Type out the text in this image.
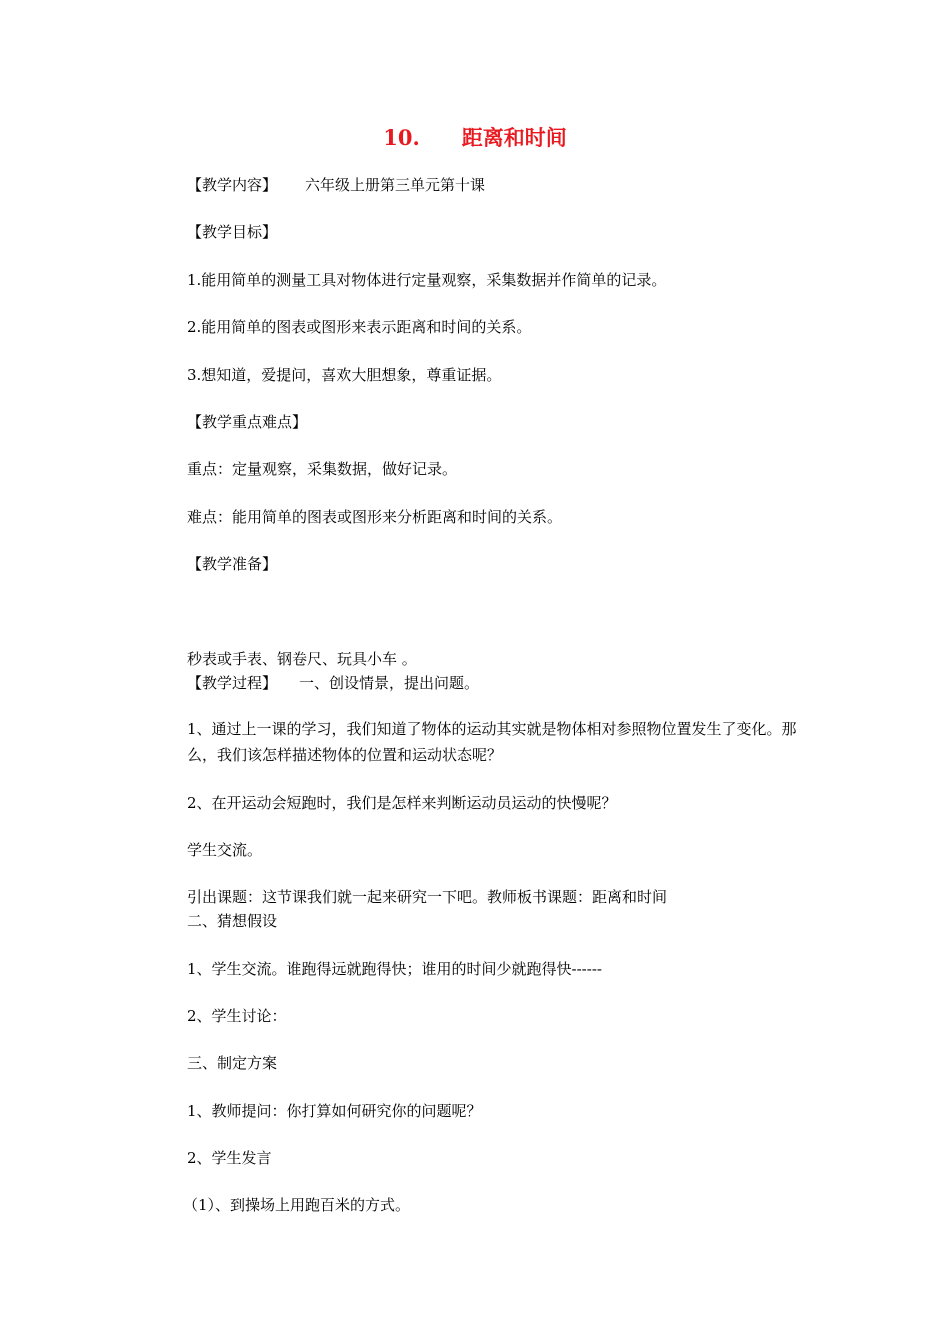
10. 距离和时间
【教学内容】 六年级上册第三单元第十课
【教学目标】
1.能用简单的测量工具对物体进行定量观察，采集数据并作简单的记录。
2.能用简单的图表或图形来表示距离和时间的关系。
3.想知道，爱提问，喜欢大胆想象，尊重证据。
【教学重点难点】
重点：定量观察，采集数据，做好记录。
难点：能用简单的图表或图形来分析距离和时间的关系。
【教学准备】
秒表或手表、钢卷尺、玩具小车 。
【教学过程】 一、创设情景，提出问题。
1、通过上一课的学习，我们知道了物体的运动其实就是物体相对参照物位置发生了变化。那么，我们该怎样描述物体的位置和运动状态呢？
2、在开运动会短跑时，我们是怎样来判断运动员运动的快慢呢？
学生交流。
引出课题：这节课我们就一起来研究一下吧。教师板书课题：距离和时间
二、猜想假设
1、学生交流。谁跑得远就跑得快；谁用的时间少就跑得快------
2、学生讨论：
三、制定方案
1、教师提问：你打算如何研究你的问题呢？
2、学生发言
（1）、到操场上用跑百米的方式。
